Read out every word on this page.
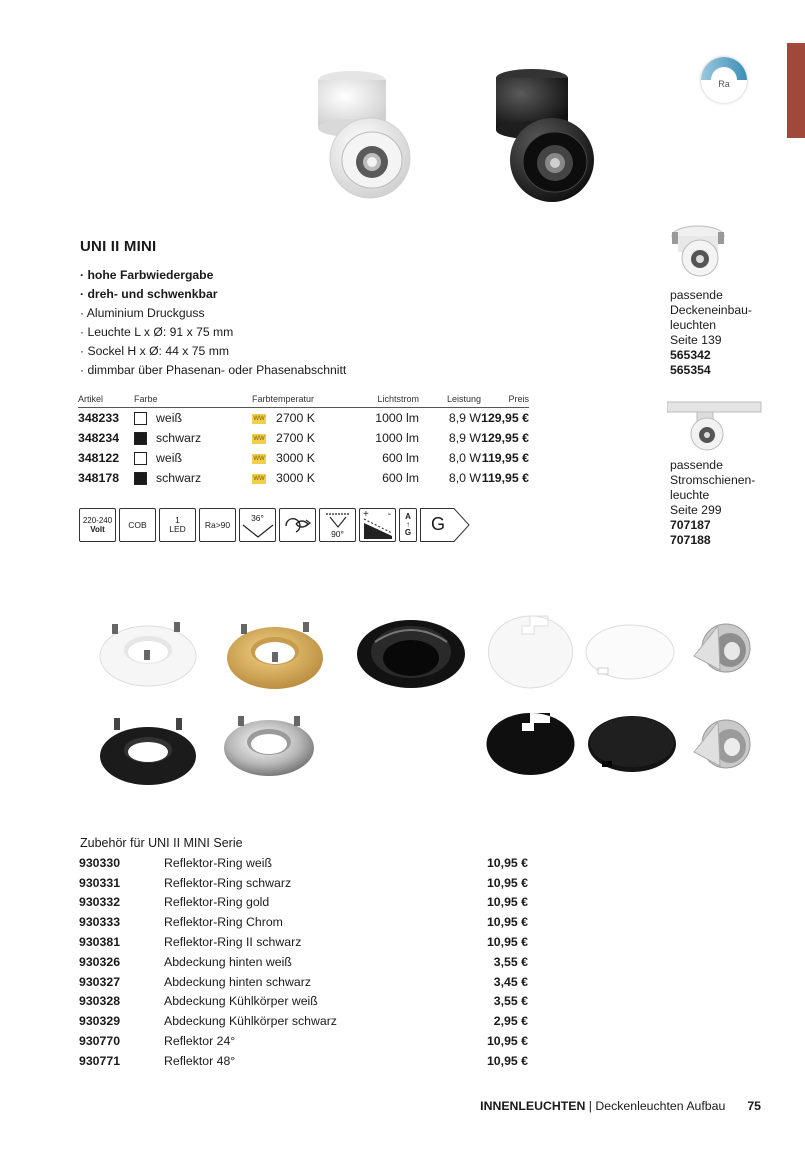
Ra
UNI II MINI
· hohe Farbwiedergabe
· dreh- und schwenkbar
· Aluminium Druckguss
· Leuchte L x Ø: 91 x 75 mm
· Sockel H x Ø: 44 x 75 mm
· dimmbar über Phasenan- oder Phasenabschnitt
Artikel	Farbe		Farbtemperatur	Lichtstrom	Leistung	Preis
348233		weiß	WW 2700 K	1000 lm	8,9 W	129,95 €
348234		schwarz	WW 2700 K	1000 lm	8,9 W	129,95 €
348122		weiß	WW 3000 K	600 lm	8,0 W	119,95 €
348178		schwarz	WW 3000 K	600 lm	8,0 W	119,95 €
220-240
Volt	COB	1
LED Ra>90
36°
90°
+ - A
↑
G	G
passende
Deckeneinbau-
leuchten
Seite 139
565342
565354
passende
Stromschienen-
leuchte
Seite 299
707187
707188
Zubehör für UNI II MINI Serie
930330	Reflektor-Ring weiß	10,95 €
930331	Reflektor-Ring schwarz	10,95 €
930332	Reflektor-Ring gold	10,95 €
930333	Reflektor-Ring Chrom	10,95 €
930381	Reflektor-Ring II schwarz	10,95 €
930326	Abdeckung hinten weiß	3,55 €
930327	Abdeckung hinten schwarz	3,45 €
930328	Abdeckung Kühlkörper weiß	3,55 €
930329	Abdeckung Kühlkörper schwarz	2,95 €
930770	Reflektor 24°	10,95 €
930771	Reflektor 48°	10,95 €
INNENLEUCHTEN | Deckenleuchten Aufbau 75
